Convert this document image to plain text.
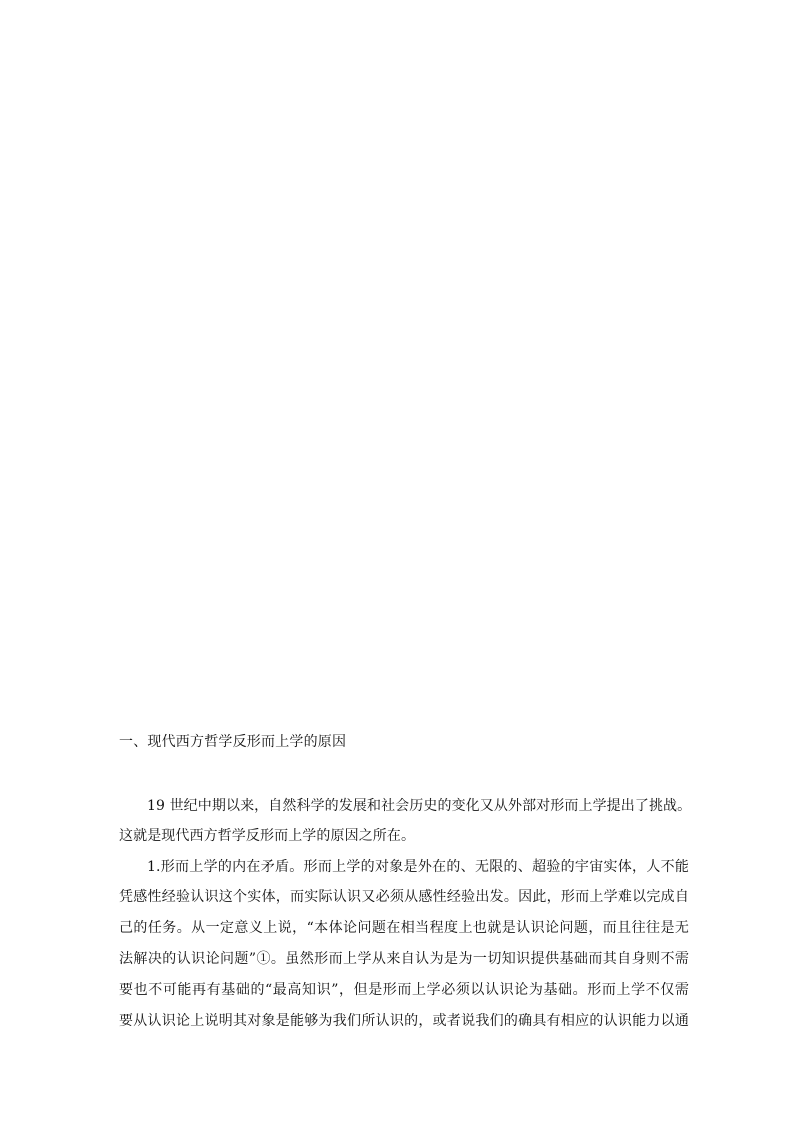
一、现代西方哲学反形而上学的原因
19 世纪中期以来，自然科学的发展和社会历史的变化又从外部对形而上学提出了挑战。
这就是现代西方哲学反形而上学的原因之所在。
1.形而上学的内在矛盾。形而上学的对象是外在的、无限的、超验的宇宙实体，人不能
凭感性经验认识这个实体，而实际认识又必须从感性经验出发。因此，形而上学难以完成自
己的任务。从一定意义上说，“本体论问题在相当程度上也就是认识论问题，而且往往是无
法解决的认识论问题”①。虽然形而上学从来自认为是为一切知识提供基础而其自身则不需
要也不可能再有基础的“最高知识”，但是形而上学必须以认识论为基础。形而上学不仅需
要从认识论上说明其对象是能够为我们所认识的，或者说我们的确具有相应的认识能力以通
